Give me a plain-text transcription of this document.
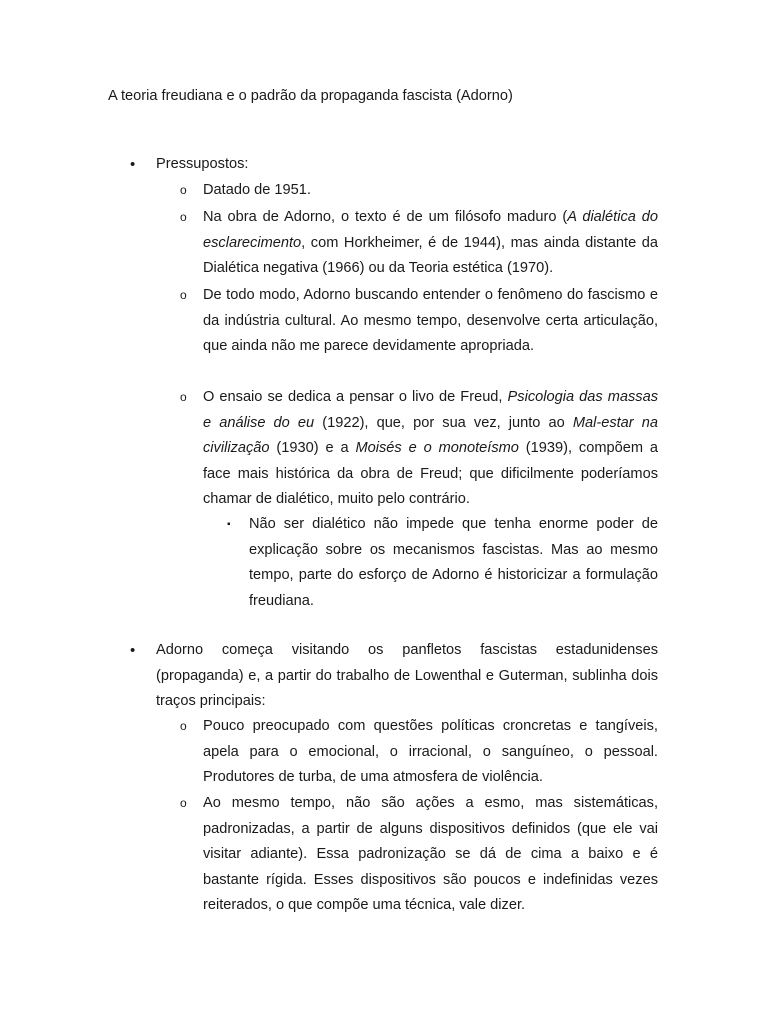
A teoria freudiana e o padrão da propaganda fascista (Adorno)
•
Pressupostos:
o
Datado de 1951.
o
Na obra de Adorno, o texto é de um filósofo maduro (A dialética do esclarecimento, com Horkheimer, é de 1944), mas ainda distante da Dialética negativa (1966) ou da Teoria estética (1970).
o
De todo modo, Adorno buscando entender o fenômeno do fascismo e da indústria cultural. Ao mesmo tempo, desenvolve certa articulação, que ainda não me parece devidamente apropriada.
o
O ensaio se dedica a pensar o livo de Freud, Psicologia das massas e análise do eu (1922), que, por sua vez, junto ao Mal-estar na civilização (1930) e a Moisés e o monoteísmo (1939), compõem a face mais histórica da obra de Freud; que dificilmente poderíamos chamar de dialético, muito pelo contrário.
▪
Não ser dialético não impede que tenha enorme poder de explicação sobre os mecanismos fascistas. Mas ao mesmo tempo, parte do esforço de Adorno é historicizar a formulação freudiana.
•
Adorno começa visitando os panfletos fascistas estadunidenses (propaganda) e, a partir do trabalho de Lowenthal e Guterman, sublinha dois traços principais:
o
Pouco preocupado com questões políticas croncretas e tangíveis, apela para o emocional, o irracional, o sanguíneo, o pessoal. Produtores de turba, de uma atmosfera de violência.
o
Ao mesmo tempo, não são ações a esmo, mas sistemáticas, padronizadas, a partir de alguns dispositivos definidos (que ele vai visitar adiante). Essa padronização se dá de cima a baixo e é bastante rígida. Esses dispositivos são poucos e indefinidas vezes reiterados, o que compõe uma técnica, vale dizer.
